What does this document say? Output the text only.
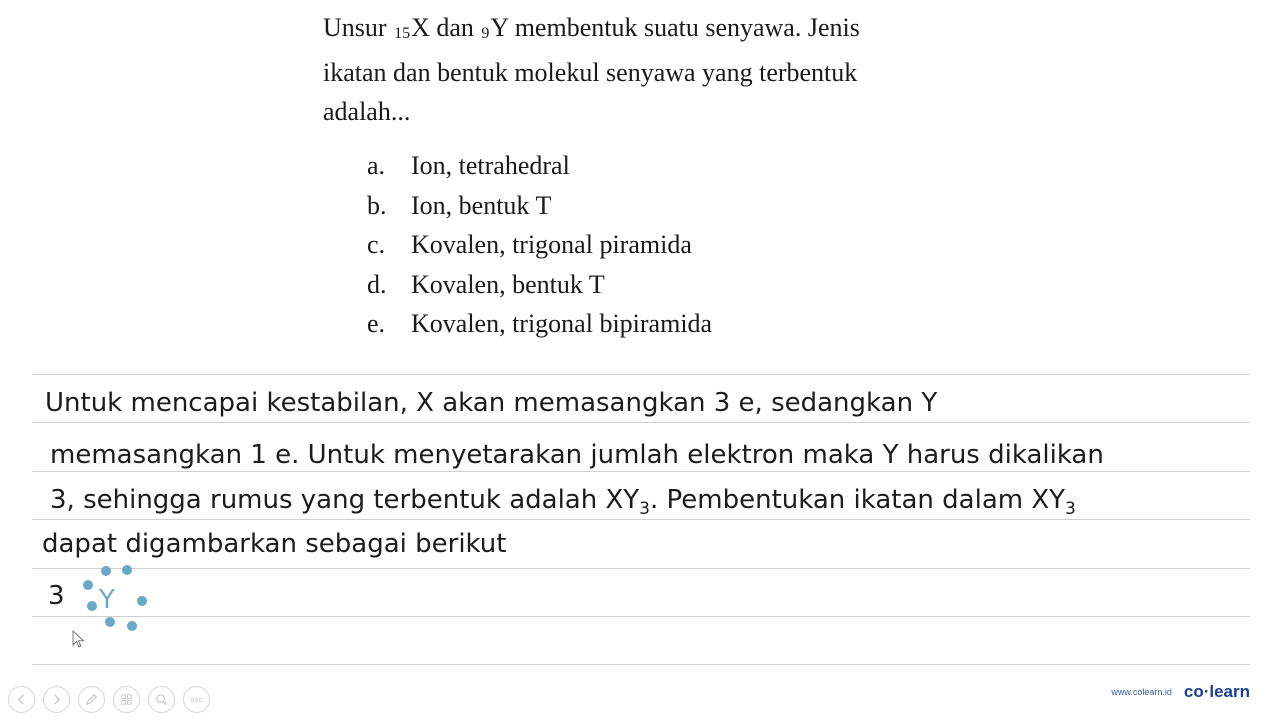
Unsur $_{15}$X dan $_9$Y membentuk suatu senyawa. Jenis
ikatan dan bentuk molekul senyawa yang terbentuk
adalah...
a. Ion, tetrahedral
b. Ion, bentuk T
c. Kovalen, trigonal piramida
d. Kovalen, bentuk T
e. Kovalen, trigonal bipiramida
Untuk mencapai kestabilan, X akan memasangkan 3 e, sedangkan Y
memasangkan 1 e. Untuk menyetarakan jumlah elektron maka Y harus dikalikan
3, sehingga rumus yang terbentuk adalah $XY_3$. Pembentukan ikatan dalam $XY_3$
dapat digambarkan sebagai berikut
3 Y
ooo
www.colearn.id co·learn
